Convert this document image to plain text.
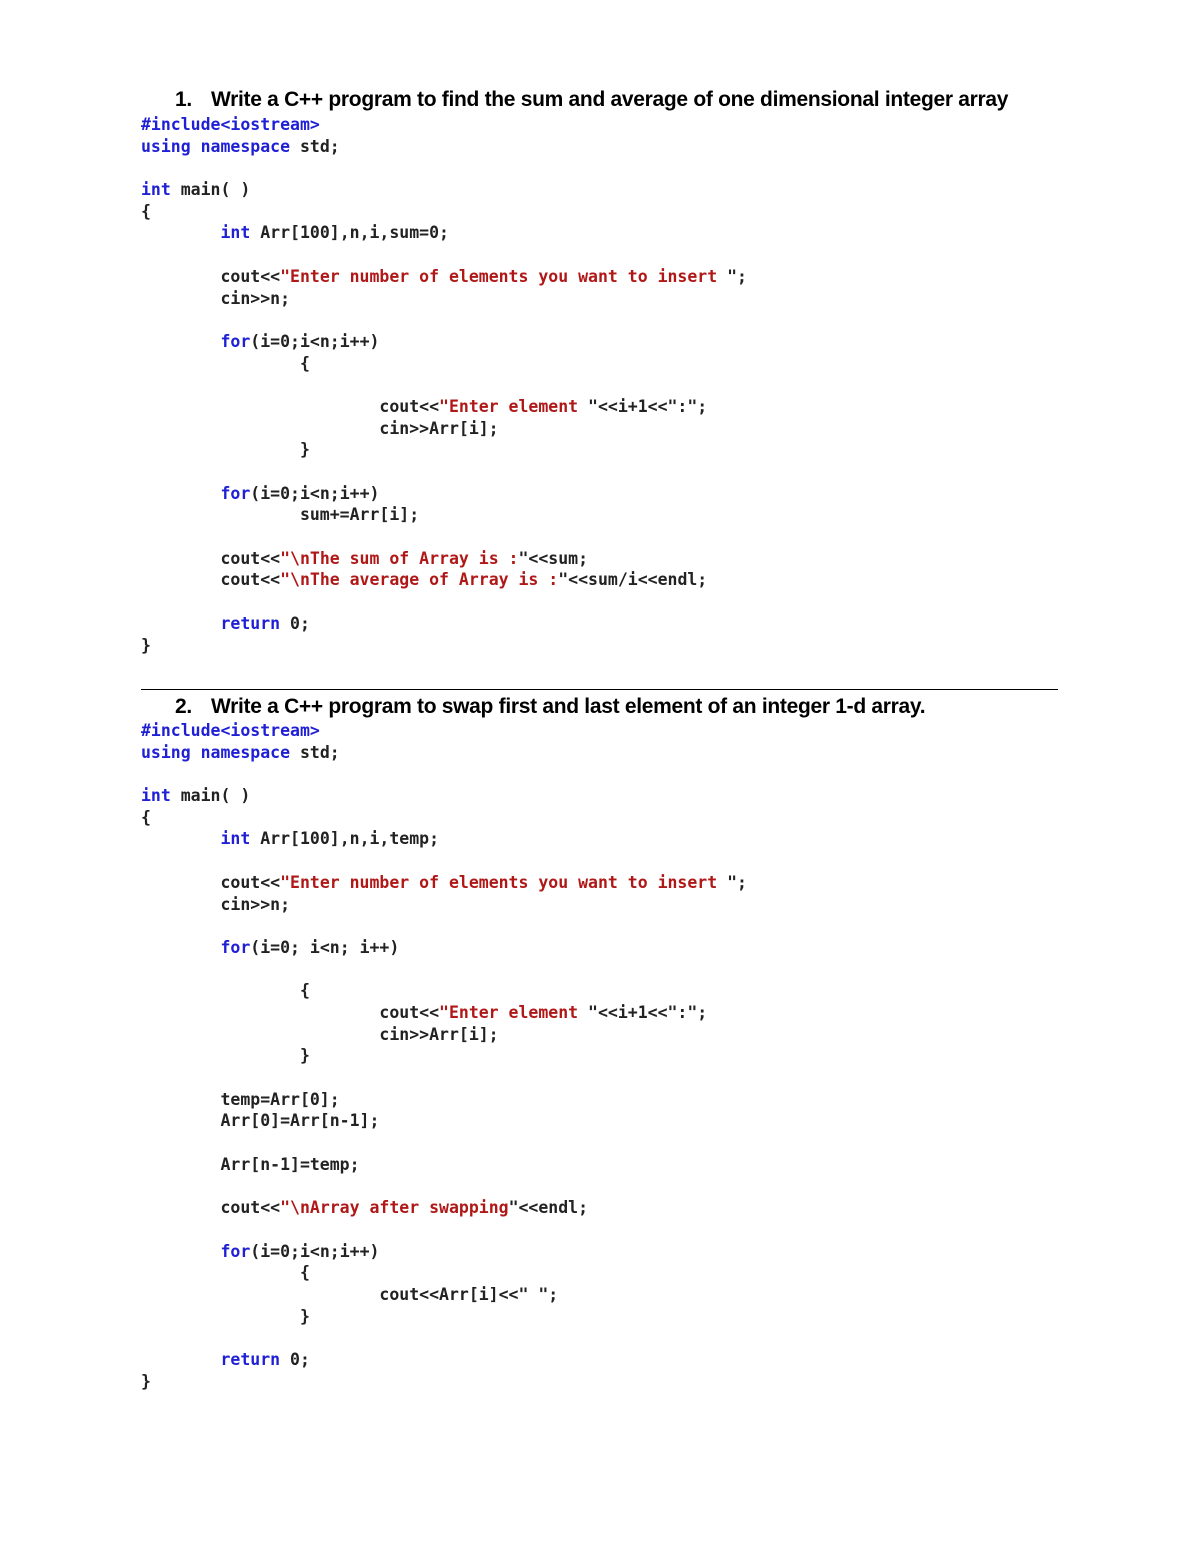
1. Write a C++ program to find the sum and average of one dimensional integer array
#include<iostream>
using namespace std;
int main( )
{
int Arr[100],n,i,sum=0;
cout<<"Enter number of elements you want to insert ";
cin>>n;
for(i=0;i<n;i++)
{
cout<<"Enter element "<<i+1<<":";
cin>>Arr[i];
}
for(i=0;i<n;i++)
sum+=Arr[i];
cout<<"\nThe sum of Array is :"<<sum;
cout<<"\nThe average of Array is :"<<sum/i<<endl;
return 0;
}
2. Write a C++ program to swap first and last element of an integer 1-d array.
#include<iostream>
using namespace std;
int main( )
{
int Arr[100],n,i,temp;
cout<<"Enter number of elements you want to insert ";
cin>>n;
for(i=0; i<n; i++)
{
cout<<"Enter element "<<i+1<<":";
cin>>Arr[i];
}
temp=Arr[0];
Arr[0]=Arr[n-1];
Arr[n-1]=temp;
cout<<"\nArray after swapping"<<endl;
for(i=0;i<n;i++)
{
cout<<Arr[i]<<" ";
}
return 0;
}
